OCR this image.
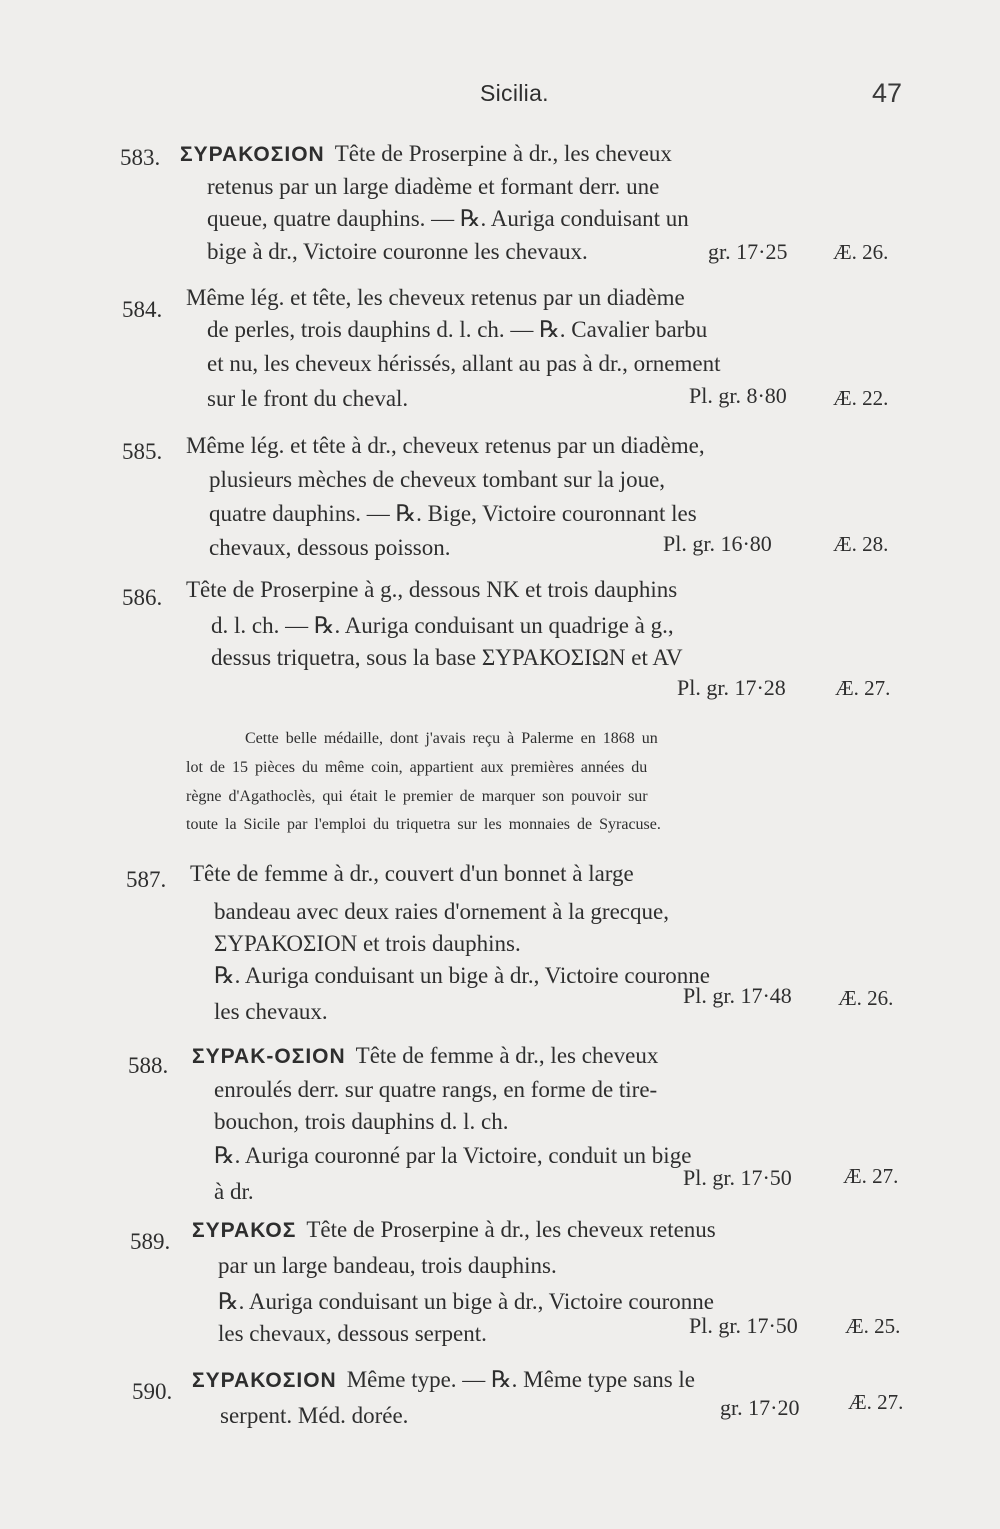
Sicilia.	47
583. ΣΥΡΑΚΟΣΙΟΝ Tête de Proserpine à dr., les cheveux
retenus par un large diadème et formant derr. une
queue, quatre dauphins. — ℞. Auriga conduisant un
bige à dr., Victoire couronne les chevaux.	gr. 17·25 Æ. 26.
584. Même lég. et tête, les cheveux retenus par un diadème
de perles, trois dauphins d. l. ch. — ℞. Cavalier barbu
et nu, les cheveux hérissés, allant au pas à dr., ornement
sur le front du cheval.	Pl. gr. 8·80 Æ. 22.
585. Même lég. et tête à dr., cheveux retenus par un diadème,
plusieurs mèches de cheveux tombant sur la joue,
quatre dauphins. — ℞. Bige, Victoire couronnant les
chevaux, dessous poisson.	Pl. gr. 16·80	Æ. 28.
586. Tête de Proserpine à g., dessous NK et trois dauphins
d. l. ch. — ℞. Auriga conduisant un quadrige à g.,
dessus triquetra, sous la base ΣΥΡΑΚΟΣΙΩΝ et AV
Pl. gr. 17·28 Æ. 27.
Cette belle médaille, dont j'avais reçu à Palerme en 1868 un
lot de 15 pièces du même coin, appartient aux premières années du
règne d'Agathoclès, qui était le premier de marquer son pouvoir sur
toute la Sicile par l'emploi du triquetra sur les monnaies de Syracuse.
587. Tête de femme à dr., couvert d'un bonnet à large
bandeau avec deux raies d'ornement à la grecque,
ΣΥΡΑΚΟΣΙΟΝ et trois dauphins.
℞. Auriga conduisant un bige à dr., Victoire couronne
les chevaux.
Pl. gr. 17·48 Æ. 26.
588. ΣΥΡΑΚ-ΟΣΙΟΝ Tête de femme à dr., les cheveux
enroulés derr. sur quatre rangs, en forme de tire-
bouchon, trois dauphins d. l. ch.
℞. Auriga couronné par la Victoire, conduit un bige
à dr.
Pl. gr. 17·50 Æ. 27.
589. ΣΥΡΑΚΟΣ Tête de Proserpine à dr., les cheveux retenus
par un large bandeau, trois dauphins.
℞. Auriga conduisant un bige à dr., Victoire couronne
les chevaux, dessous serpent.	Pl. gr. 17·50 Æ. 25.
590. ΣΥΡΑΚΟΣΙΟΝ Même type. — ℞. Même type sans le
serpent. Méd. dorée.	gr. 17·20 Æ. 27.
